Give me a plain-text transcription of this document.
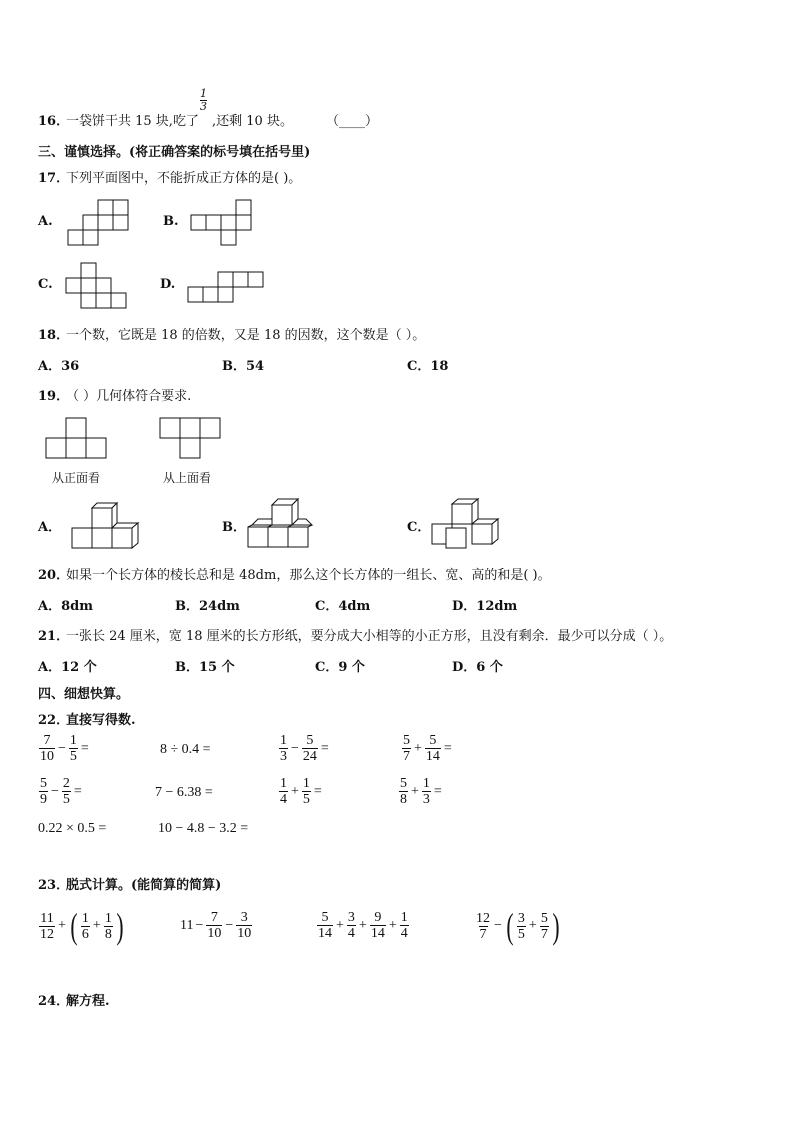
16．
一袋饼干共 15 块,吃了
$\frac{1}{3}$
,还剩 10 块。	（____）
三、谨慎选择。(将正确答案的标号填在括号里)
17．
下列平面图中，不能折成正方体的是( )。
A.	B.
C.	D.
18．
一个数，它既是 18 的倍数，又是 18 的因数，这个数是（ ）。
A．36	B．54	C．18
19．
（ ）几何体符合要求.
从正面看	从上面看
A．	B．	C．
20．
如果一个长方体的棱长总和是 48dm，那么这个长方体的一组长、宽、高的和是( )。
A．8dm	B．24dm	C．4dm	D．12dm
21．
一张长 24 厘米，宽 18 厘米的长方形纸，要分成大小相等的小正方形，且没有剩余．最少可以分成（ ）。
A．12 个	B．15 个	C．9 个	D．6 个
四、细想快算。
22．
直接写得数.
$\frac{7}{10} - \frac{1}{5}$ =	8 ÷ 0.4 =	$\frac{1}{3} - \frac{5}{24}$ =	$\frac{5}{7} + \frac{5}{14}$ =
$\frac{5}{9} - \frac{2}{5}$ =	7 − 6.38 =	$\frac{1}{4} + \frac{1}{5}$ =	$\frac{5}{8} + \frac{1}{3}$ =
0.22 × 0.5 =	10 − 4.8 − 3.2 =
23．
脱式计算。(能简算的简算)
$\frac{11}{12}$ + ( $\frac{1}{6} + \frac{1}{8}$ )	$11 - \frac{7}{10} - \frac{3}{10}$	$\frac{5}{14} + \frac{3}{4} + \frac{9}{14} + \frac{1}{4}$	$\frac{12}{7}$ − ( $\frac{3}{5} + \frac{5}{7}$ )
24．
解方程.
